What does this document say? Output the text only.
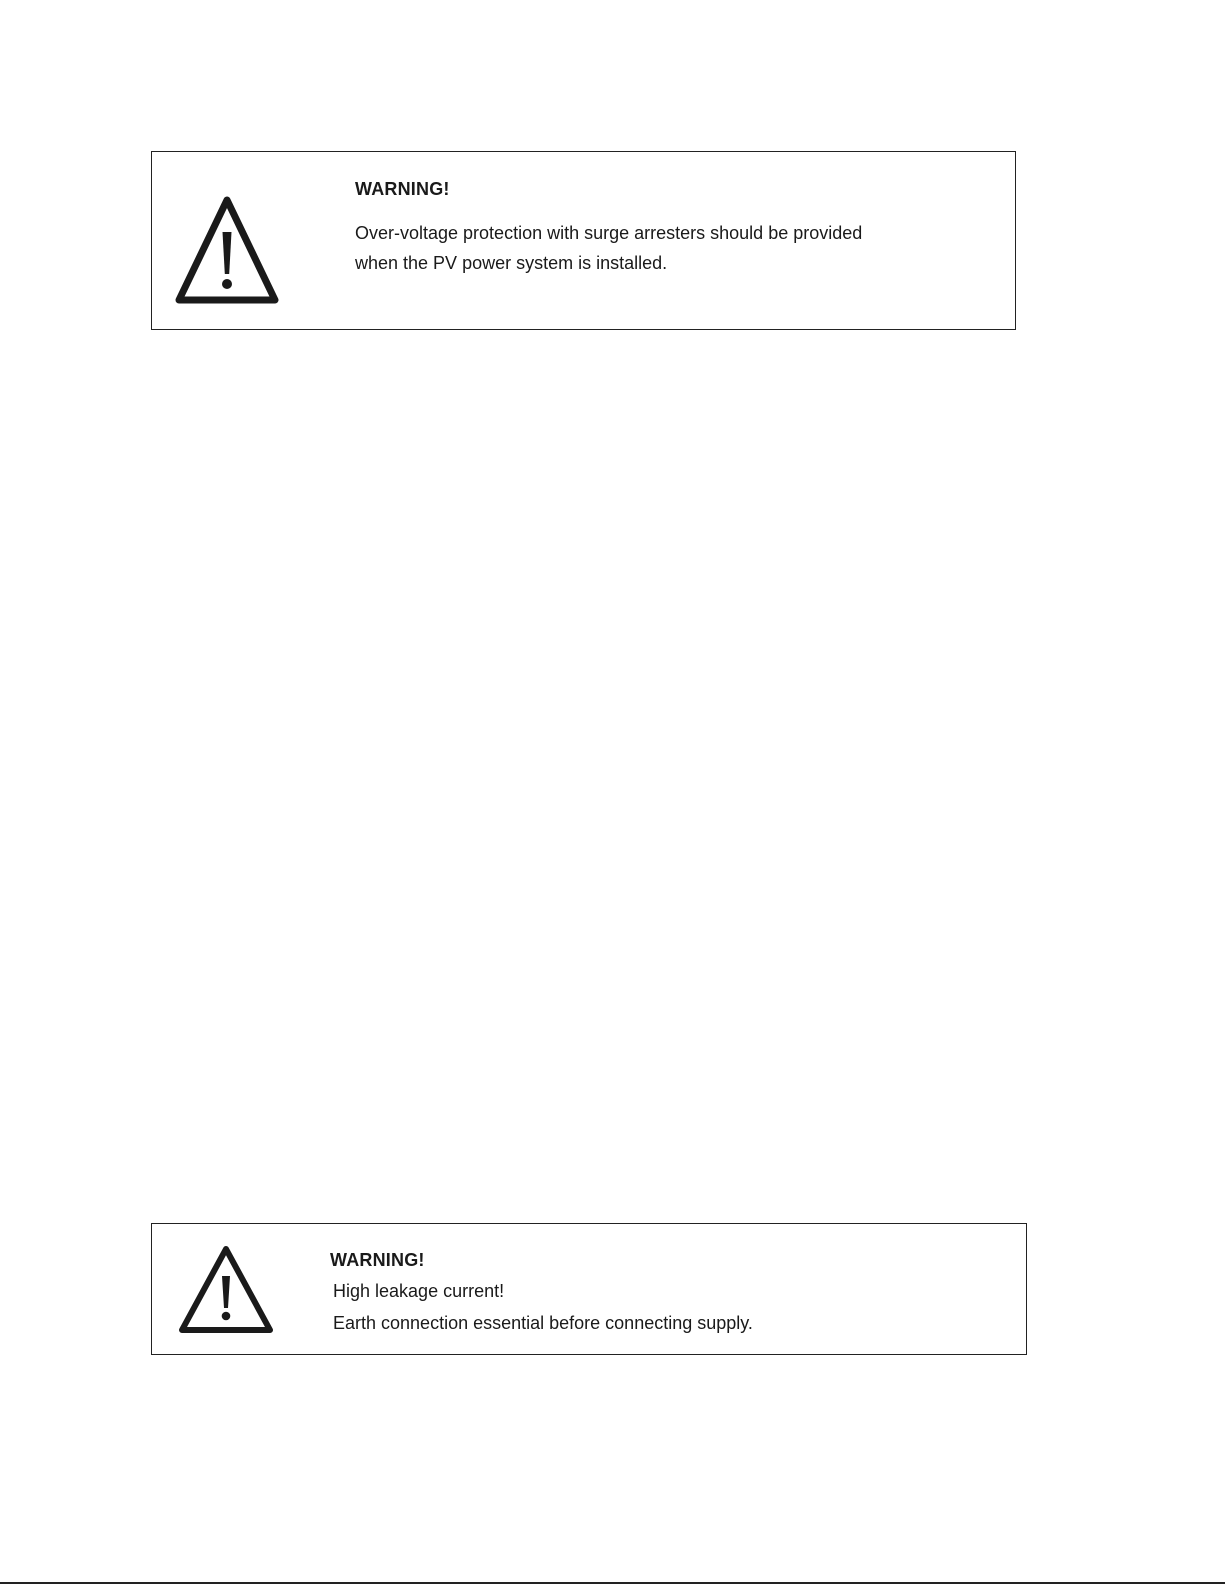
WARNING!

Over-voltage protection with surge arresters should be provided

when the PV power system is installed.

WARNING!

High leakage current!

Earth connection essential before connecting supply.
